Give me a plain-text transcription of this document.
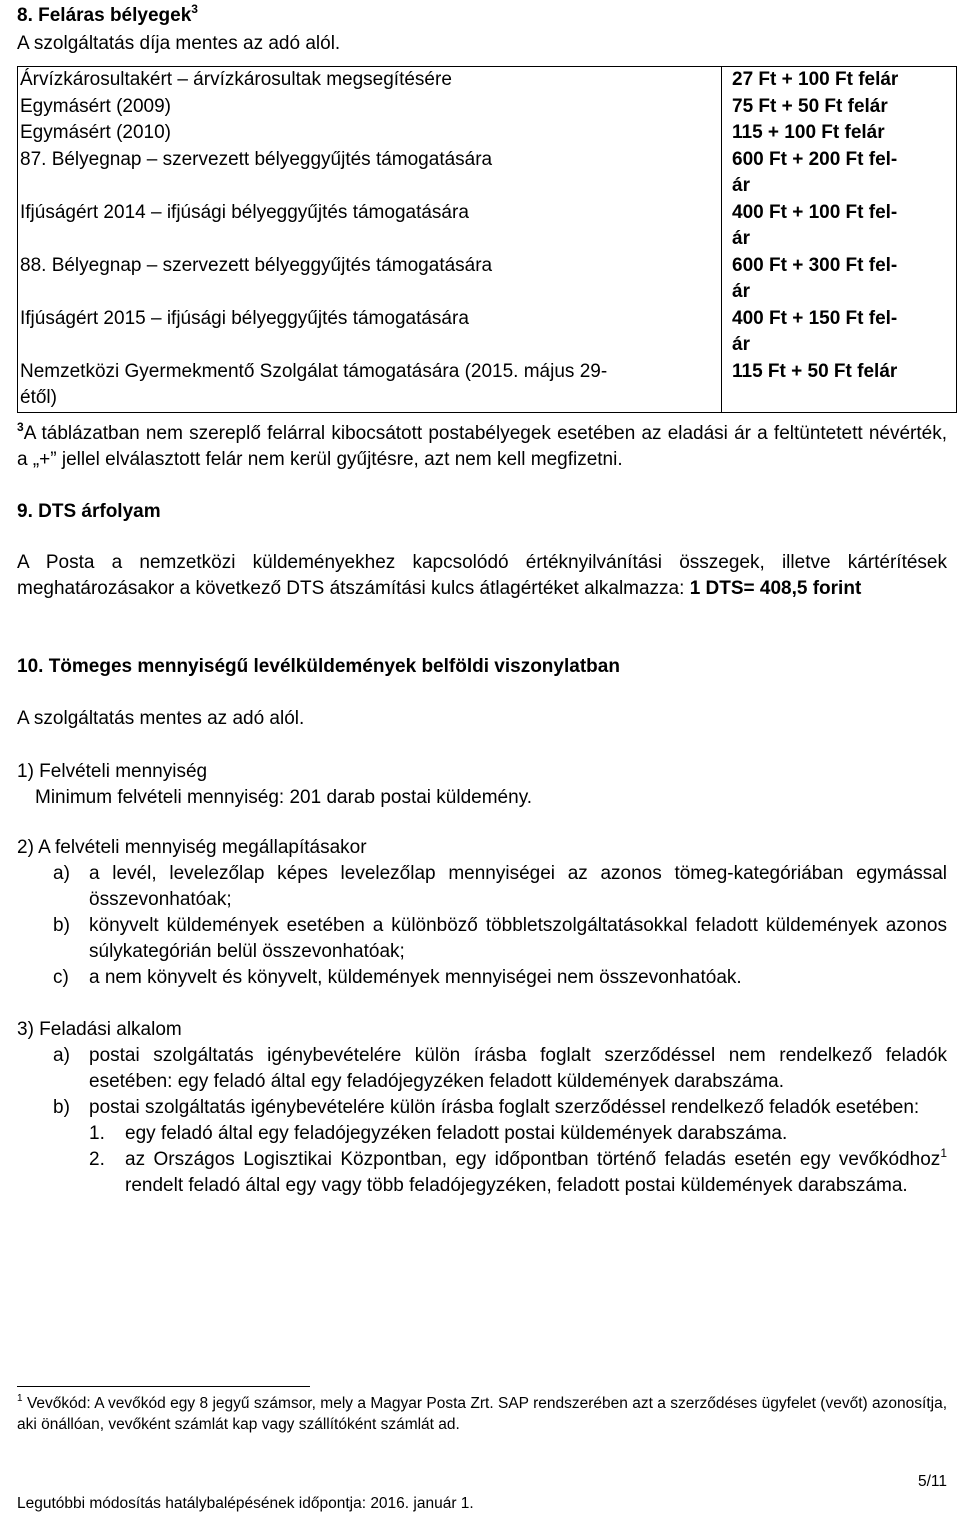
8. Feláras bélyegek$^3$
A szolgáltatás díja mentes az adó alól.
Árvízkárosultakért – árvízkárosultak megsegítésére	27 Ft + 100 Ft felár
Egymásért (2009)	75 Ft + 50 Ft felár
Egymásért (2010)	115 + 100 Ft felár
87. Bélyegnap – szervezett bélyeggyűjtés támogatására	600 Ft + 200 Ft fel-
ár
Ifjúságért 2014 – ifjúsági bélyeggyűjtés támogatására	400 Ft + 100 Ft fel-
ár
88. Bélyegnap – szervezett bélyeggyűjtés támogatására	600 Ft + 300 Ft fel-
ár
Ifjúságért 2015 – ifjúsági bélyeggyűjtés támogatására	400 Ft + 150 Ft fel-
ár
Nemzetközi Gyermekmentő Szolgálat támogatására (2015. május 29-
étől)	115 Ft + 50 Ft felár
$^3$A táblázatban nem szereplő felárral kibocsátott postabélyegek esetében az eladási ár a feltüntetett névérték, a „+” jellel elválasztott felár nem kerül gyűjtésre, azt nem kell megfizetni.
9. DTS árfolyam
A Posta a nemzetközi küldeményekhez kapcsolódó értéknyilvánítási összegek, illetve kártérítések meghatározásakor a következő DTS átszámítási kulcs átlagértéket alkalmazza: 1 DTS= 408,5 forint
10. Tömeges mennyiségű levélküldemények belföldi viszonylatban
A szolgáltatás mentes az adó alól.
1) Felvételi mennyiség
Minimum felvételi mennyiség: 201 darab postai küldemény.
2) A felvételi mennyiség megállapításakor
a) a levél, levelezőlap képes levelezőlap mennyiségei az azonos tömeg-kategóriában egymással összevonhatóak;
b) könyvelt küldemények esetében a különböző többletszolgáltatásokkal feladott küldemények azonos súlykategórián belül összevonhatóak;
c) a nem könyvelt és könyvelt, küldemények mennyiségei nem összevonhatóak.
3) Feladási alkalom
a) postai szolgáltatás igénybevételére külön írásba foglalt szerződéssel nem rendelkező feladók esetében: egy feladó által egy feladójegyzéken feladott küldemények darabszáma.
b) postai szolgáltatás igénybevételére külön írásba foglalt szerződéssel rendelkező feladók esetében:
1. egy feladó által egy feladójegyzéken feladott postai küldemények darabszáma.
2. az Országos Logisztikai Központban, egy időpontban történő feladás esetén egy vevőkódhoz$^1$ rendelt feladó által egy vagy több feladójegyzéken, feladott postai küldemények darabszáma.
$^1$ Vevőkód: A vevőkód egy 8 jegyű számsor, mely a Magyar Posta Zrt. SAP rendszerében azt a szerződéses ügyfelet (vevőt) azonosítja, aki önállóan, vevőként számlát kap vagy szállítóként számlát ad.
5/11
Legutóbbi módosítás hatálybalépésének időpontja: 2016. január 1.
